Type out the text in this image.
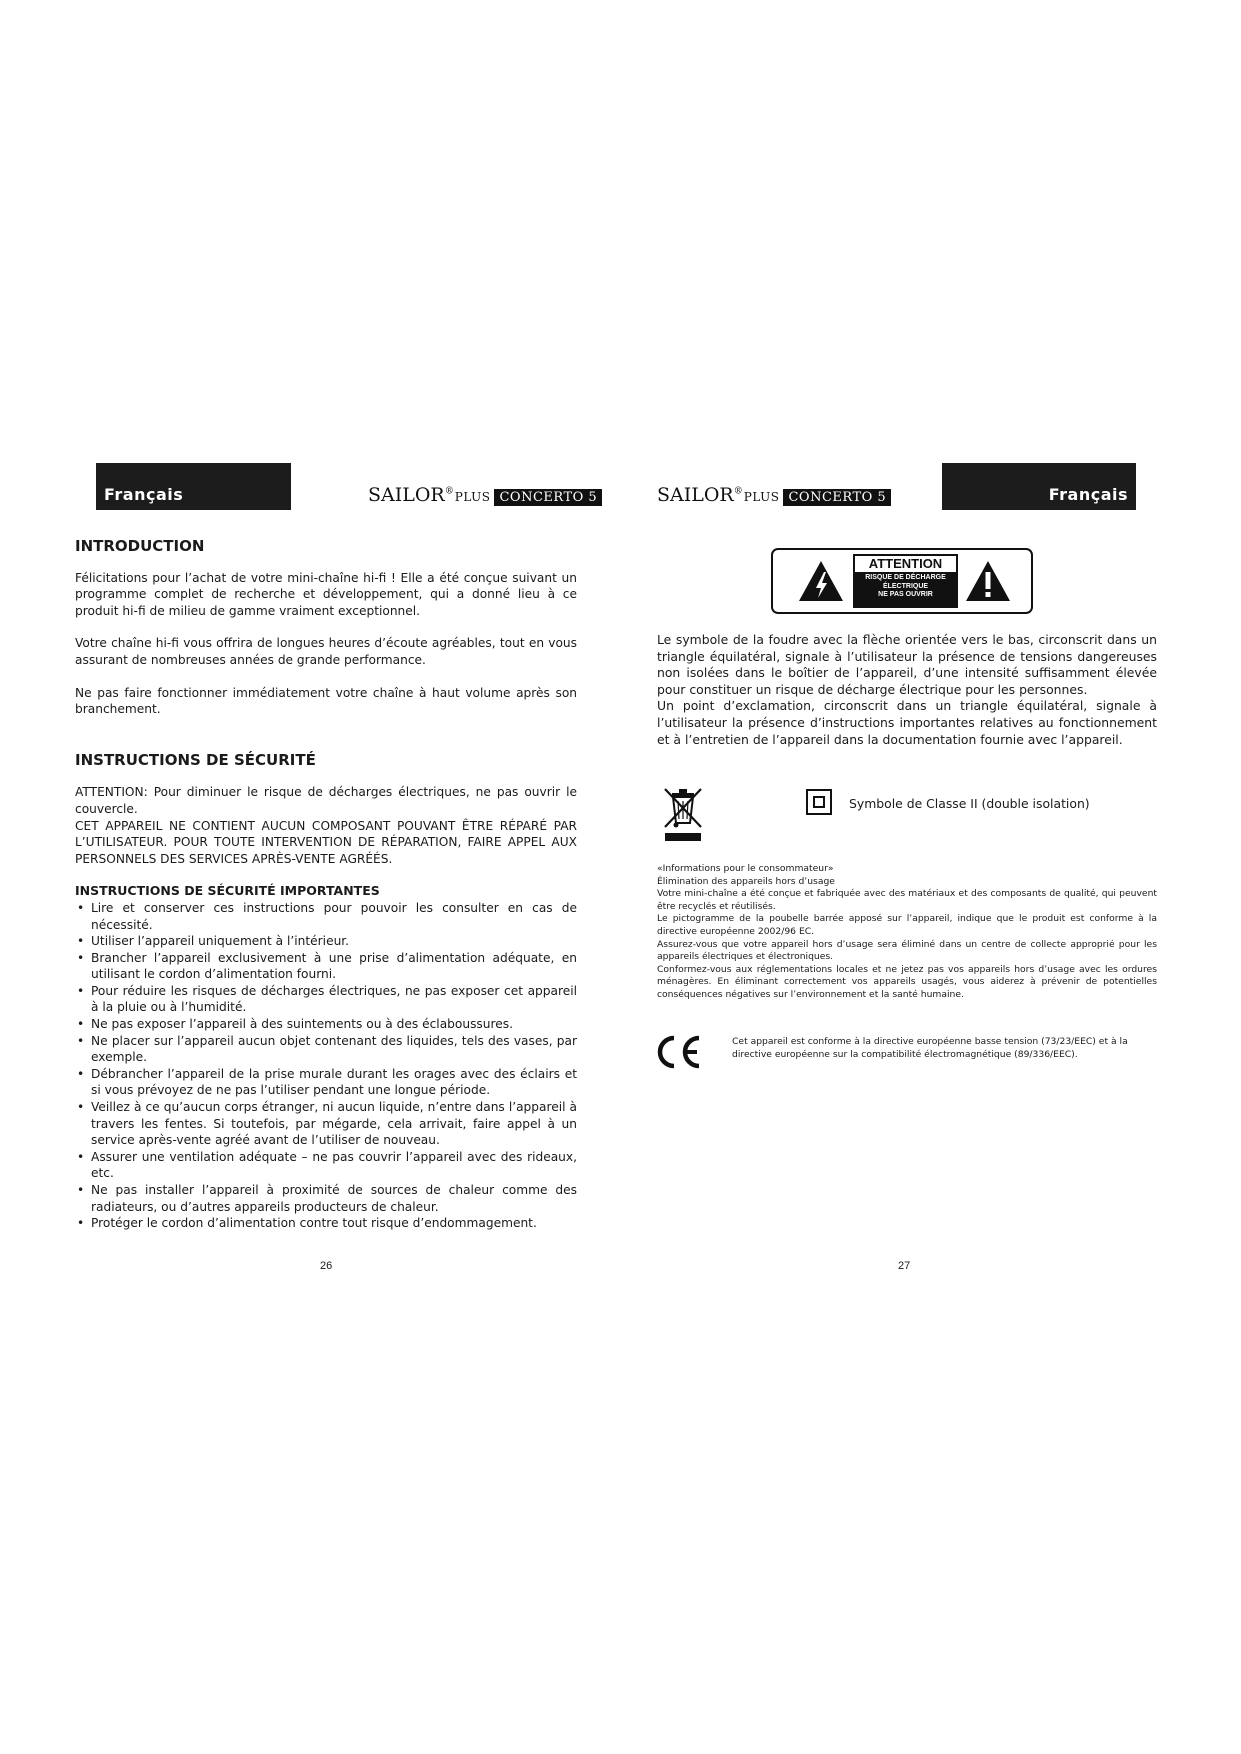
Français	Français
SAILOR®PLUS CONCERTO 5	SAILOR®PLUS CONCERTO 5
INTRODUCTION

Félicitations pour l’achat de votre mini-chaîne hi-fi ! Elle a été conçue suivant un programme complet de recherche et développement, qui a donné lieu à ce produit hi-fi de milieu de gamme vraiment exceptionnel.

Votre chaîne hi-fi vous offrira de longues heures d’écoute agréables, tout en vous assurant de nombreuses années de grande performance.

Ne pas faire fonctionner immédiatement votre chaîne à haut volume après son branchement.

INSTRUCTIONS DE SÉCURITÉ

ATTENTION: Pour diminuer le risque de décharges électriques, ne pas ouvrir le couvercle.

CET APPAREIL NE CONTIENT AUCUN COMPOSANT POUVANT ÊTRE RÉPARÉ PAR L’UTILISATEUR. POUR TOUTE INTERVENTION DE RÉPARATION, FAIRE APPEL AUX PERSONNELS DES SERVICES APRÈS-VENTE AGRÉÉS.

INSTRUCTIONS DE SÉCURITÉ IMPORTANTES

• Lire et conserver ces instructions pour pouvoir les consulter en cas de nécessité.
• Utiliser l’appareil uniquement à l’intérieur.
• Brancher l’appareil exclusivement à une prise d’alimentation adéquate, en utilisant le cordon d’alimentation fourni.
• Pour réduire les risques de décharges électriques, ne pas exposer cet appareil à la pluie ou à l’humidité.
• Ne pas exposer l’appareil à des suintements ou à des éclaboussures.
• Ne placer sur l’appareil aucun objet contenant des liquides, tels des vases, par exemple.
• Débrancher l’appareil de la prise murale durant les orages avec des éclairs et si vous prévoyez de ne pas l’utiliser pendant une longue période.
• Veillez à ce qu’aucun corps étranger, ni aucun liquide, n’entre dans l’appareil à travers les fentes. Si toutefois, par mégarde, cela arrivait, faire appel à un service après-vente agréé avant de l’utiliser de nouveau.
• Assurer une ventilation adéquate – ne pas couvrir l’appareil avec des rideaux, etc.
• Ne pas installer l’appareil à proximité de sources de chaleur comme des radiateurs, ou d’autres appareils producteurs de chaleur.
• Protéger le cordon d’alimentation contre tout risque d’endommagement.
26
ATTENTION
RISQUE DE DÉCHARGE
ÉLECTRIQUE
NE PAS OUVRIR

Le symbole de la foudre avec la flèche orientée vers le bas, circonscrit dans un triangle équilatéral, signale à l’utilisateur la présence de tensions dangereuses non isolées dans le boîtier de l’appareil, d’une intensité suffisamment élevée pour constituer un risque de décharge électrique pour les personnes.

Un point d’exclamation, circonscrit dans un triangle équilatéral, signale à l’utilisateur la présence d’instructions importantes relatives au fonctionnement et à l’entretien de l’appareil dans la documentation fournie avec l’appareil.

Symbole de Classe II (double isolation)
«Informations pour le consommateur»
Élimination des appareils hors d’usage
Votre mini-chaîne a été conçue et fabriquée avec des matériaux et des composants de qualité, qui peuvent être recyclés et réutilisés.
Le pictogramme de la poubelle barrée apposé sur l’appareil, indique que le produit est conforme à la directive européenne 2002/96 EC.
Assurez-vous que votre appareil hors d’usage sera éliminé dans un centre de collecte approprié pour les appareils électriques et électroniques.
Conformez-vous aux réglementations locales et ne jetez pas vos appareils hors d’usage avec les ordures ménagères. En éliminant correctement vos appareils usagés, vous aiderez à prévenir de potentielles conséquences négatives sur l’environnement et la santé humaine.
Cet appareil est conforme à la directive européenne basse tension (73/23/EEC) et à la directive européenne sur la compatibilité électromagnétique (89/336/EEC).
27
